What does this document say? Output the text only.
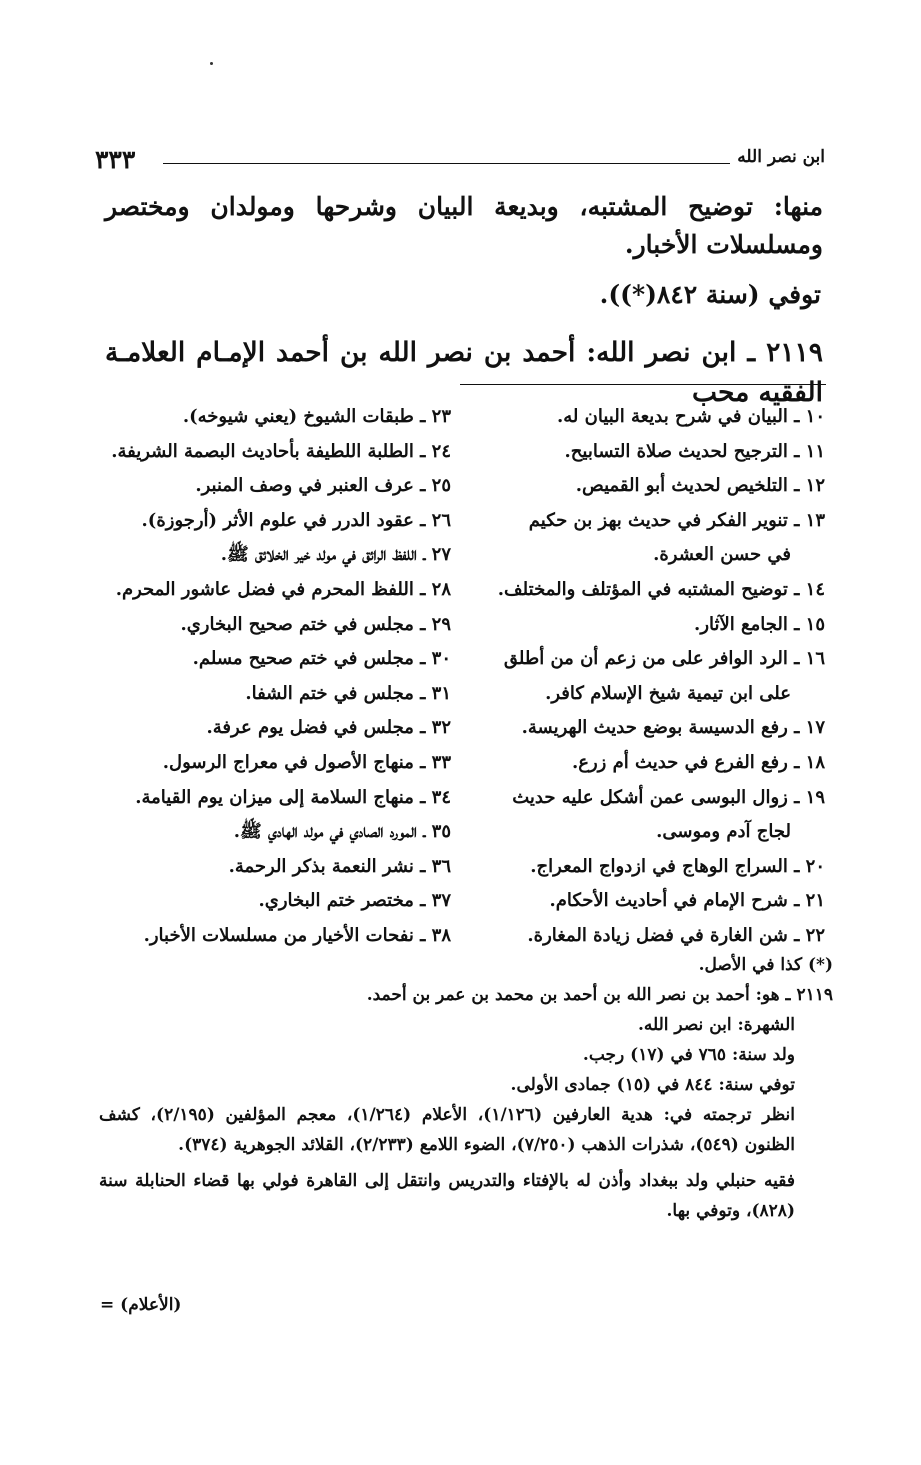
ابن نصر الله
٣٣٣

منها: توضيح المشتبه، وبديعة البيان وشرحها ومولدان ومختصر ومسلسلات الأخبار.

توفي (سنة ٨٤٢(*)).

٢١١٩ ـ ابن نصر الله: أحمد بن نصر الله بن أحمد الإمـام العلامـة الفقيه محب

١٠ ـ البيان في شرح بديعة البيان له.
١١ ـ الترجيح لحديث صلاة التسابيح.
١٢ ـ التلخيص لحديث أبو القميص.
١٣ ـ تنوير الفكر في حديث بهز بن حكيم
في حسن العشرة.
١٤ ـ توضيح المشتبه في المؤتلف والمختلف.
١٥ ـ الجامع الآثار.
١٦ ـ الرد الوافر على من زعم أن من أطلق
على ابن تيمية شيخ الإسلام كافر.
١٧ ـ رفع الدسيسة بوضع حديث الهريسة.
١٨ ـ رفع الفرع في حديث أم زرع.
١٩ ـ زوال البوسى عمن أشكل عليه حديث
لجاج آدم وموسى.
٢٠ ـ السراج الوهاج في ازدواج المعراج.
٢١ ـ شرح الإمام في أحاديث الأحكام.
٢٢ ـ شن الغارة في فضل زيادة المغارة.
٢٣ ـ طبقات الشيوخ (يعني شيوخه).
٢٤ ـ الطلبة اللطيفة بأحاديث البصمة الشريفة.
٢٥ ـ عرف العنبر في وصف المنبر.
٢٦ ـ عقود الدرر في علوم الأثر (أرجوزة).
٢٧ ـ اللفظ الرائق في مولد خير الخلائق ﷺ.
٢٨ ـ اللفظ المحرم في فضل عاشور المحرم.
٢٩ ـ مجلس في ختم صحيح البخاري.
٣٠ ـ مجلس في ختم صحيح مسلم.
٣١ ـ مجلس في ختم الشفا.
٣٢ ـ مجلس في فضل يوم عرفة.
٣٣ ـ منهاج الأصول في معراج الرسول.
٣٤ ـ منهاج السلامة إلى ميزان يوم القيامة.
٣٥ ـ المورد الصادي في مولد الهادي ﷺ.
٣٦ ـ نشر النعمة بذكر الرحمة.
٣٧ ـ مختصر ختم البخاري.
٣٨ ـ نفحات الأخيار من مسلسلات الأخبار.

(*) كذا في الأصل.

٢١١٩ ـ هو: أحمد بن نصر الله بن أحمد بن محمد بن عمر بن أحمد.

الشهرة: ابن نصر الله.

ولد سنة: ٧٦٥ في (١٧) رجب.

توفي سنة: ٨٤٤ في (١٥) جمادى الأولى.

انظر ترجمته في: هدية العارفين (١/١٢٦)، الأعلام (١/٢٦٤)، معجم المؤلفين (٢/١٩٥)، كشف الظنون (٥٤٩)، شذرات الذهب (٧/٢٥٠)، الضوء اللامع (٢/٢٣٣)، القلائد الجوهرية (٣٧٤).

فقيه حنبلي ولد ببغداد وأذن له بالإفتاء والتدريس وانتقل إلى القاهرة فولي بها قضاء الحنابلة سنة (٨٢٨)، وتوفي بها.

(الأعلام) =
